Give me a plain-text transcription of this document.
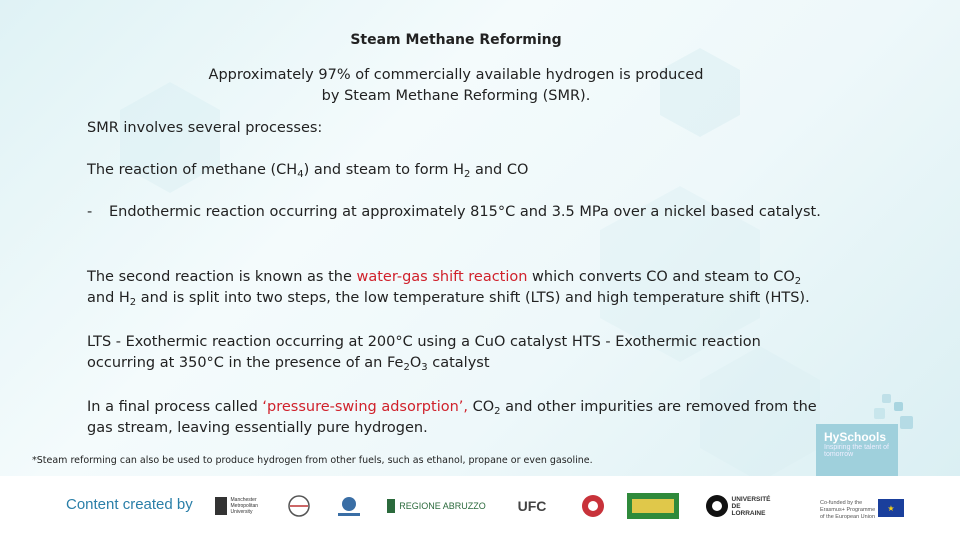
Steam Methane Reforming
Approximately 97% of commercially available hydrogen is produced by Steam Methane Reforming (SMR).
SMR involves several processes:
The reaction of methane $(CH_4)$ and steam to form $H_2$ and CO
- Endothermic reaction occurring at approximately 815°C and 3.5 MPa over a nickel based catalyst.
The second reaction is known as the water-gas shift reaction which converts CO and steam to $CO_2$ and $H_2$ and is split into two steps, the low temperature shift (LTS) and high temperature shift (HTS).
LTS - Exothermic reaction occurring at 200°C using a CuO catalyst HTS - Exothermic reaction occurring at 350°C in the presence of an $Fe_2O_3$ catalyst
In a final process called ‘pressure-swing adsorption’, $CO_2$ and other impurities are removed from the gas stream, leaving essentially pure hydrogen.
*Steam reforming can also be used to produce hydrogen from other fuels, such as ethanol, propane or even gasoline.
HySchools
Inspiring the talent of tomorrow
Content created by	Manchester Metropolitan University
REGIONE ABRUZZO UFC	UNIVERSITÉ DE LORRAINE
Co-funded by the Erasmus+ Programme of the European Union
★
